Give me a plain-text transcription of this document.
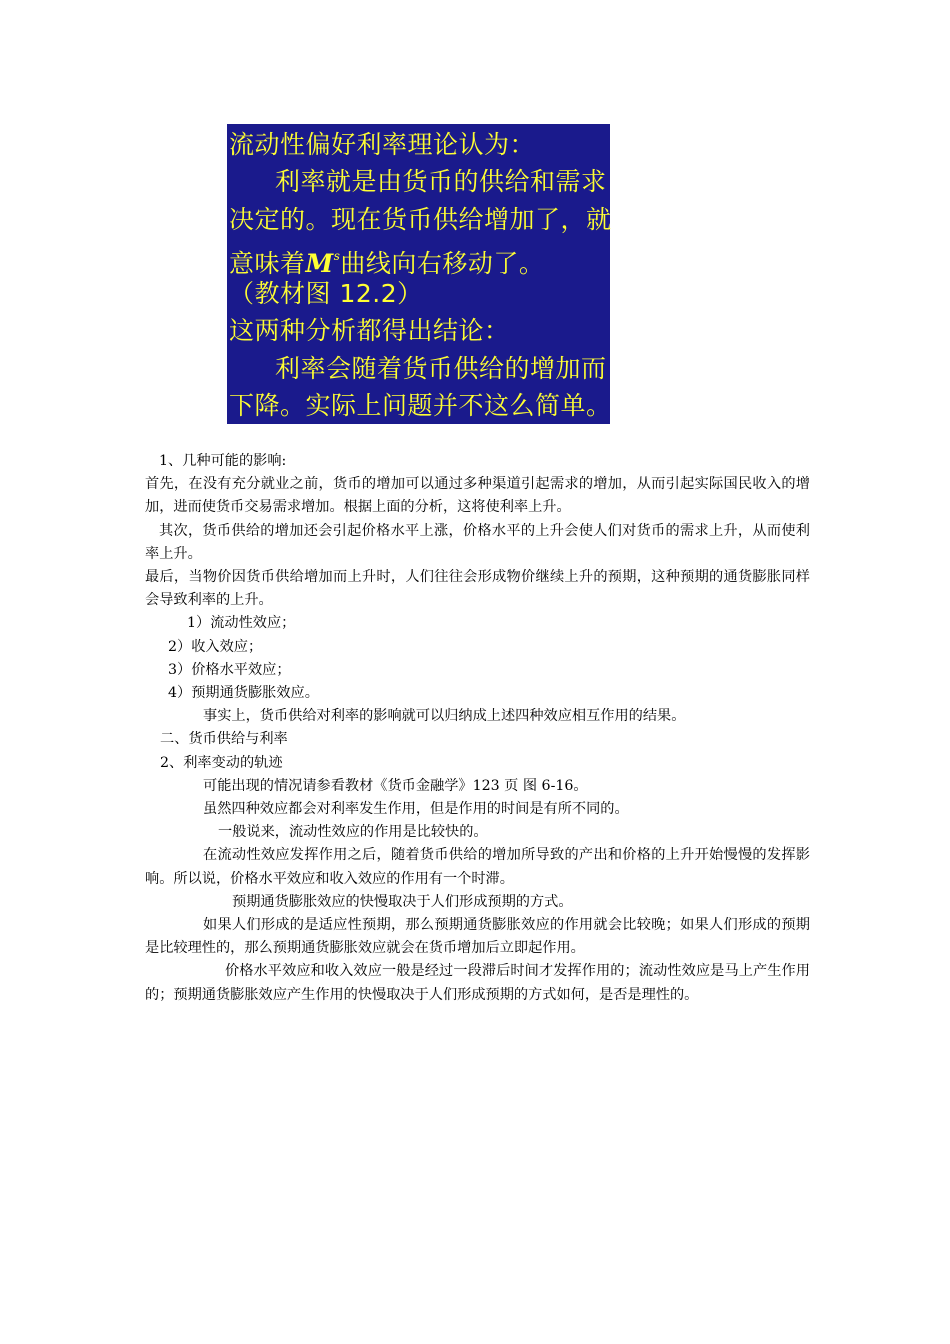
流动性偏好利率理论认为：
利率就是由货币的供给和需求
决定的。现在货币供给增加了，就
意味着$M^s$曲线向右移动了。
（教材图 12.2）
这两种分析都得出结论：
利率会随着货币供给的增加而
下降。实际上问题并不这么简单。

1、几种可能的影响:

首先，在没有充分就业之前，货币的增加可以通过多种渠道引起需求的增加，从而引起实际国民收入的增加，进而使货币交易需求增加。根据上面的分析，这将使利率上升。

其次，货币供给的增加还会引起价格水平上涨，价格水平的上升会使人们对货币的需求上升，从而使利率上升。

最后，当物价因货币供给增加而上升时，人们往往会形成物价继续上升的预期，这种预期的通货膨胀同样会导致利率的上升。

1）流动性效应；

2）收入效应；

3）价格水平效应；

4）预期通货膨胀效应。

事实上，货币供给对利率的影响就可以归纳成上述四种效应相互作用的结果。

二、货币供给与利率

2、利率变动的轨迹

可能出现的情况请参看教材《货币金融学》123 页 图 6-16。

虽然四种效应都会对利率发生作用，但是作用的时间是有所不同的。

一般说来，流动性效应的作用是比较快的。

在流动性效应发挥作用之后，随着货币供给的增加所导致的产出和价格的上升开始慢慢的发挥影响。所以说，价格水平效应和收入效应的作用有一个时滞。

预期通货膨胀效应的快慢取决于人们形成预期的方式。

如果人们形成的是适应性预期，那么预期通货膨胀效应的作用就会比较晚；如果人们形成的预期是比较理性的，那么预期通货膨胀效应就会在货币增加后立即起作用。

价格水平效应和收入效应一般是经过一段滞后时间才发挥作用的；流动性效应是马上产生作用的；预期通货膨胀效应产生作用的快慢取决于人们形成预期的方式如何，是否是理性的。
